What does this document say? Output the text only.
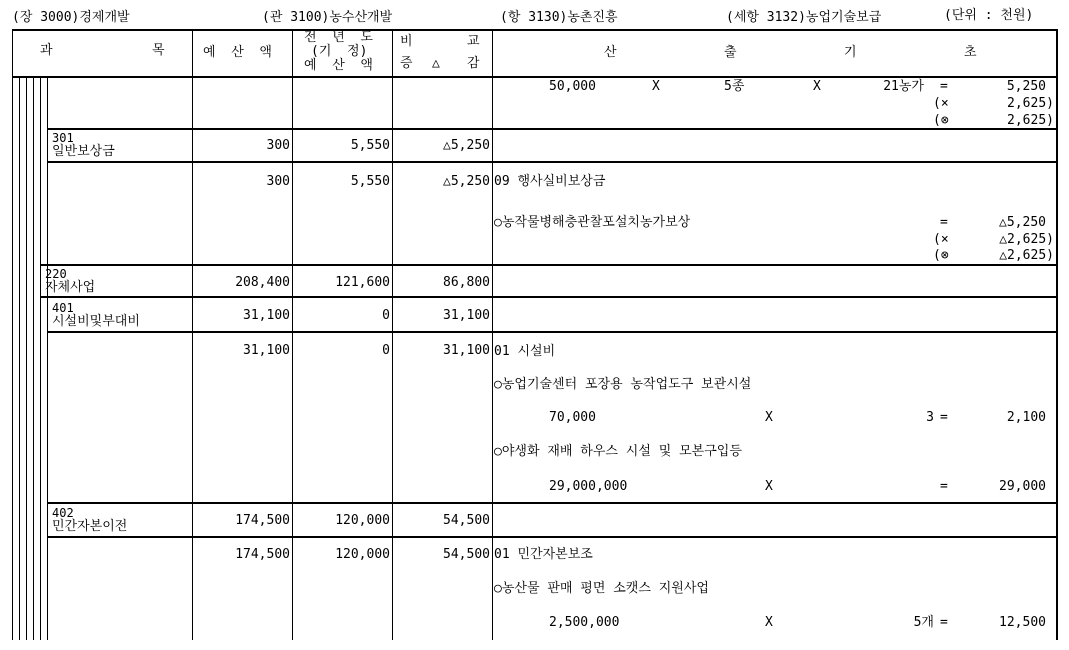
(장 3000)경제개발	(관 3100)농수산개발	(항 3130)농촌진흥	(세항 3132)농업기술보급	(단위 : 천원)
과	목	예  산  액
전  년  도
(기  정)
예  산  액
비	교
증 △ 감
산	출	기	초
50,000	X	5종	X	21농가 =	5,250
(×	2,625)
(⊗	2,625)
301
일반보상금	300	5,550	△5,250
300	5,550	△5,250 09 행사실비보상금
○농작물병해충관찰포설치농가보상	=	△5,250
(×	△2,625)
(⊗	△2,625)
220
자체사업	208,400	121,600	86,800
401
시설비및부대비	31,100	0	31,100
31,100	0	31,100 01 시설비
○농업기술센터 포장용 농작업도구 보관시설
70,000	X	3 =	2,100
○야생화 재배 하우스 시설 및 모본구입등
29,000,000	X	=	29,000
402
민간자본이전	174,500	120,000	54,500
174,500	120,000	54,500 01 민간자본보조
○농산물 판매 평면 소캣스 지원사업
2,500,000	X	5개 =	12,500
